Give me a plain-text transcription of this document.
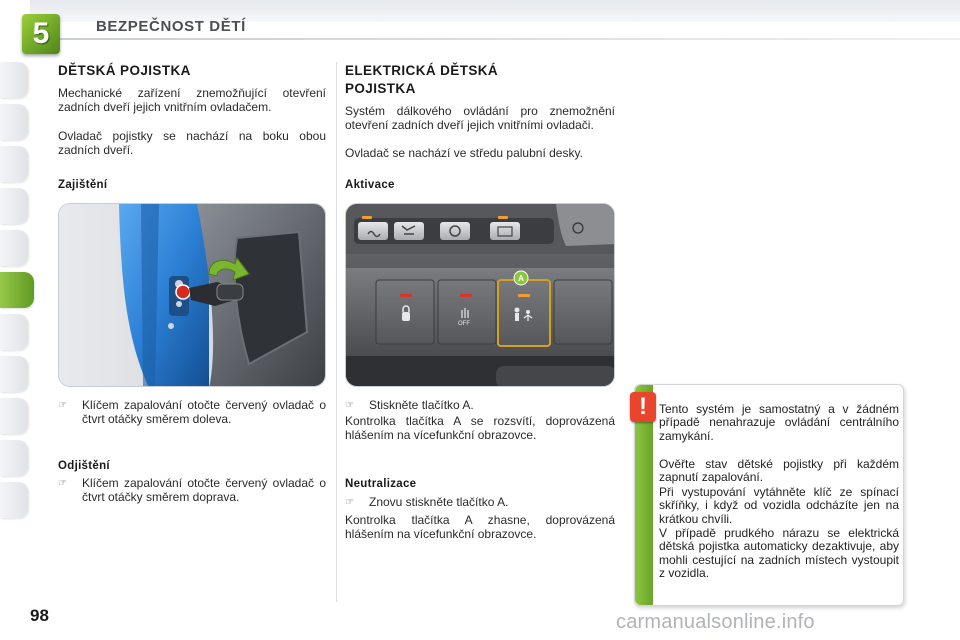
5	BEZPEČNOST DĚTÍ
DĚTSKÁ POJISTKA
Mechanické zařízení znemožňující otevření zadních dveří jejich vnitřním ovladačem.
Ovladač pojistky se nachází na boku obou zadních dveří.
Zajištění
☞	Klíčem zapalování otočte červený ovladač o čtvrt otáčky směrem doleva.
Odjištění
☞	Klíčem zapalování otočte červený ovladač o čtvrt otáčky směrem doprava.
ELEKTRICKÁ DĚTSKÁ POJISTKA
Systém dálkového ovládání pro znemožnění otevření zadních dveří jejich vnitřními ovladači.
Ovladač se nachází ve středu palubní desky.
Aktivace
OFF
A
☞	Stiskněte tlačítko A.
Kontrolka tlačítka A se rozsvítí, doprovázená hlášením na vícefunkční obrazovce.
Neutralizace
☞	Znovu stiskněte tlačítko A.
Kontrolka tlačítka A zhasne, doprovázená hlášením na vícefunkční obrazovce.

Tento systém je samostatný a v žádném případě nenahrazuje ovládání centrálního zamykání.

Ověřte stav dětské pojistky při každém zapnutí zapalování.

Při vystupování vytáhněte klíč ze spínací skříňky, i když od vozidla odcházíte jen na krátkou chvíli.

V případě prudkého nárazu se elektrická dětská pojistka automaticky dezaktivuje, aby mohli cestující na zadních místech vystoupit z vozidla.

!
98	carmanualsonline.info
